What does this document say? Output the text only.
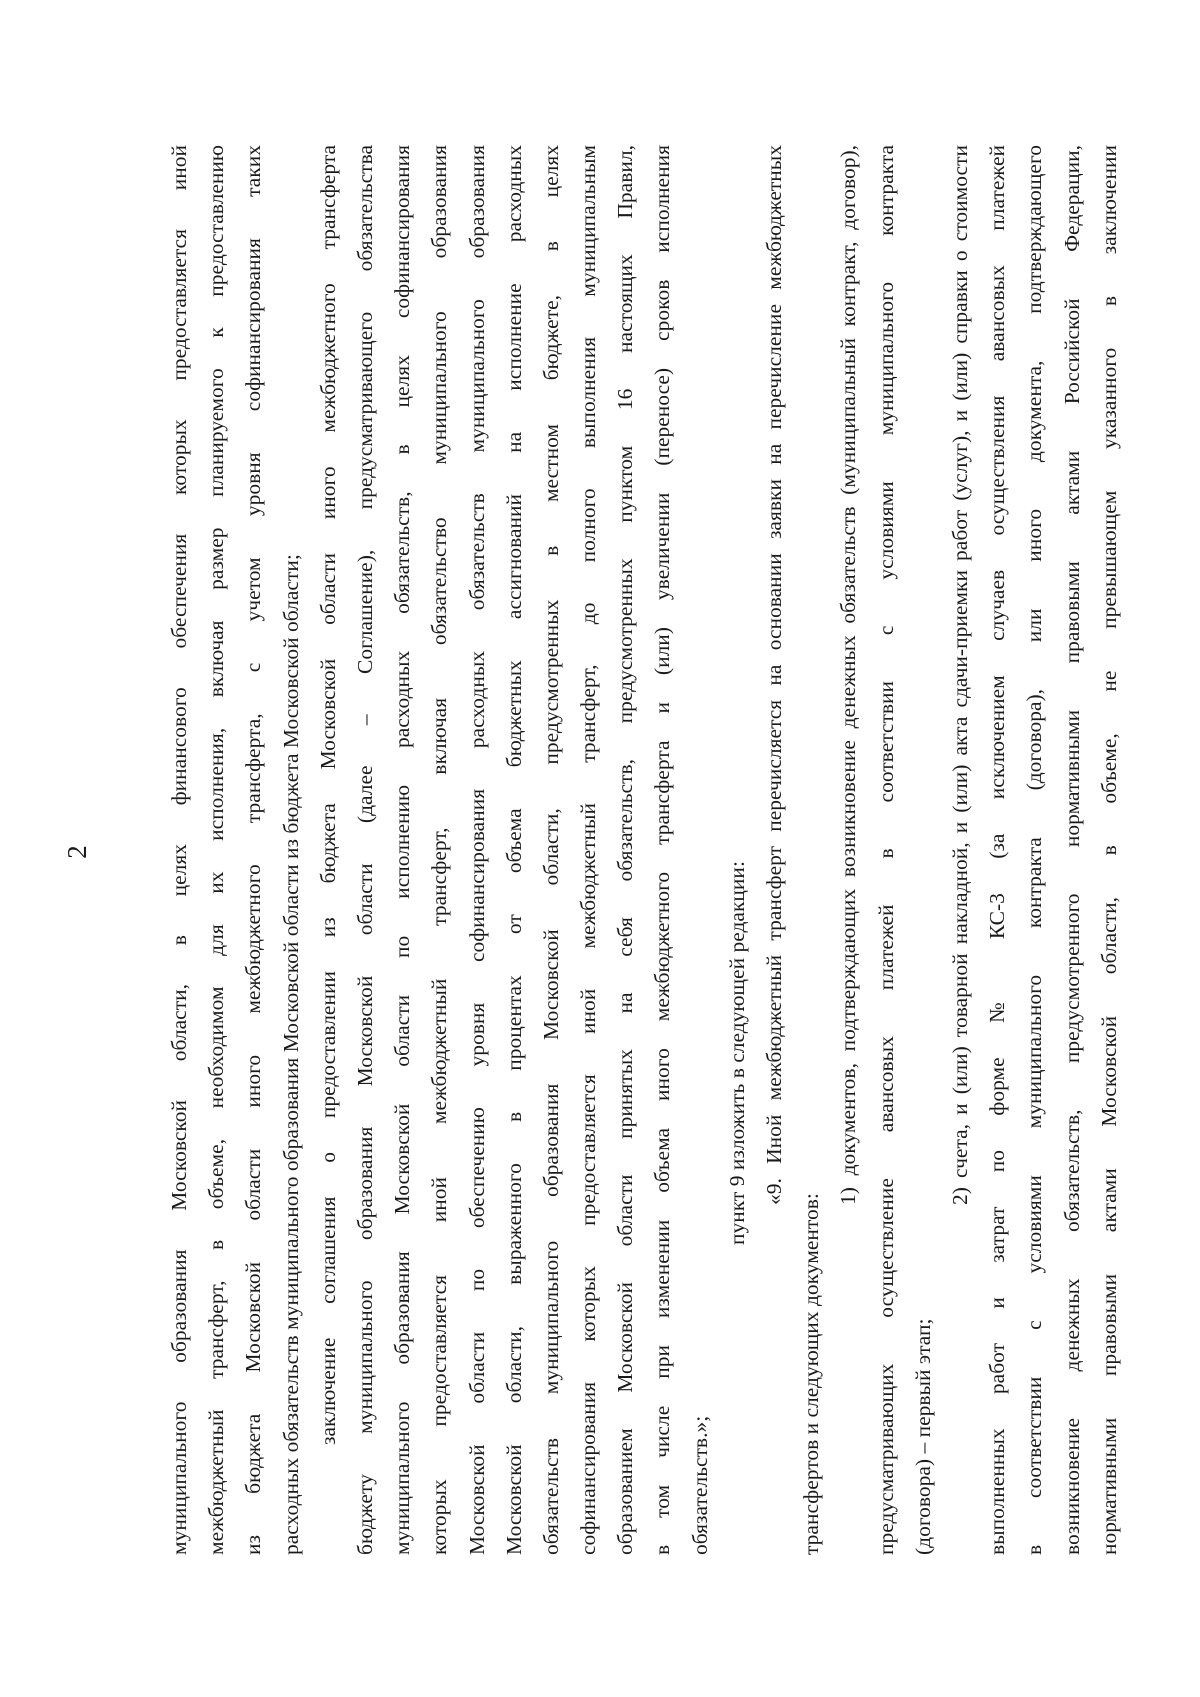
2	муниципального образования Московской области, в целях финансового обеспечения которых предоставляется иной межбюджетный трансферт, в объеме, необходимом для их исполнения, включая размер планируемого к предоставлению из бюджета Московской области иного межбюджетного трансферта, с учетом уровня софинансирования таких расходных обязательств муниципального образования Московской области из бюджета Московской области; заключение соглашения о предоставлении из бюджета Московской области иного межбюджетного трансферта бюджету муниципального образования Московской области (далее – Соглашение), предусматривающего обязательства муниципального образования Московской области по исполнению расходных обязательств, в целях софинансирования которых предоставляется иной межбюджетный трансферт, включая обязательство муниципального образования Московской области по обеспечению уровня софинансирования расходных обязательств муниципального образования Московской области, выраженного в процентах от объема бюджетных ассигнований на исполнение расходных обязательств муниципального образования Московской области, предусмотренных в местном бюджете, в целях софинансирования которых предоставляется иной межбюджетный трансферт, до полного выполнения муниципальным образованием Московской области принятых на себя обязательств, предусмотренных пунктом 16 настоящих Правил, в том числе при изменении объема иного межбюджетного трансферта и (или) увеличении (переносе) сроков исполнения обязательств.»;
пункт 9 изложить в следующей редакции: «9. Иной межбюджетный трансферт перечисляется на основании заявки на перечисление межбюджетных
трансфертов и следующих документов:
1) документов, подтверждающих возникновение денежных обязательств (муниципальный контракт, договор), предусматривающих осуществление авансовых платежей в соответствии с условиями муниципального контракта (договора) – первый этап;
2) счета, и (или) товарной накладной, и (или) акта сдачи-приемки работ (услуг), и (или) справки о стоимости выполненных работ и затрат по форме № КС-3 (за исключением случаев осуществления авансовых платежей в соответствии с условиями муниципального контракта (договора), или иного документа, подтверждающего возникновение денежных обязательств, предусмотренного нормативными правовыми актами Российской Федерации, нормативными правовыми актами Московской области, в объеме, не превышающем указанного в заключении
